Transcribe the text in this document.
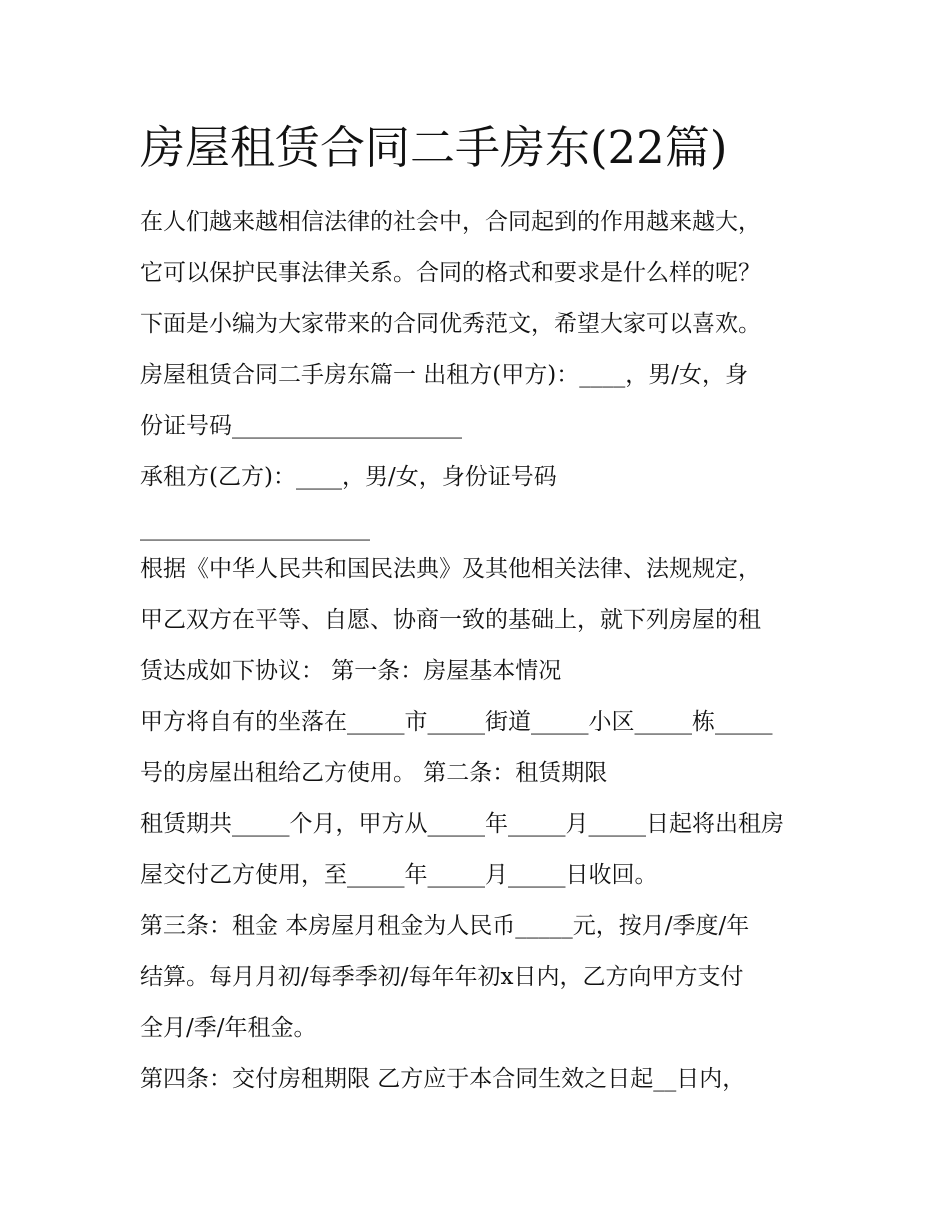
房屋租赁合同二手房东(22篇)

在人们越来越相信法律的社会中，合同起到的作用越来越大，

它可以保护民事法律关系。合同的格式和要求是什么样的呢？

下面是小编为大家带来的合同优秀范文，希望大家可以喜欢。

房屋租赁合同二手房东篇一 出租方(甲方)：____，男/女，身

份证号码____________________

承租方(乙方)：____，男/女，身份证号码

____________________

根据《中华人民共和国民法典》及其他相关法律、法规规定，

甲乙双方在平等、自愿、协商一致的基础上，就下列房屋的租

赁达成如下协议： 第一条：房屋基本情况

甲方将自有的坐落在_____市_____街道_____小区_____栋_____

号的房屋出租给乙方使用。 第二条：租赁期限

租赁期共_____个月，甲方从_____年_____月_____日起将出租房

屋交付乙方使用，至_____年_____月_____日收回。

第三条：租金 本房屋月租金为人民币_____元，按月/季度/年

结算。每月月初/每季季初/每年年初x日内，乙方向甲方支付

全月/季/年租金。

第四条：交付房租期限 乙方应于本合同生效之日起__日内，
